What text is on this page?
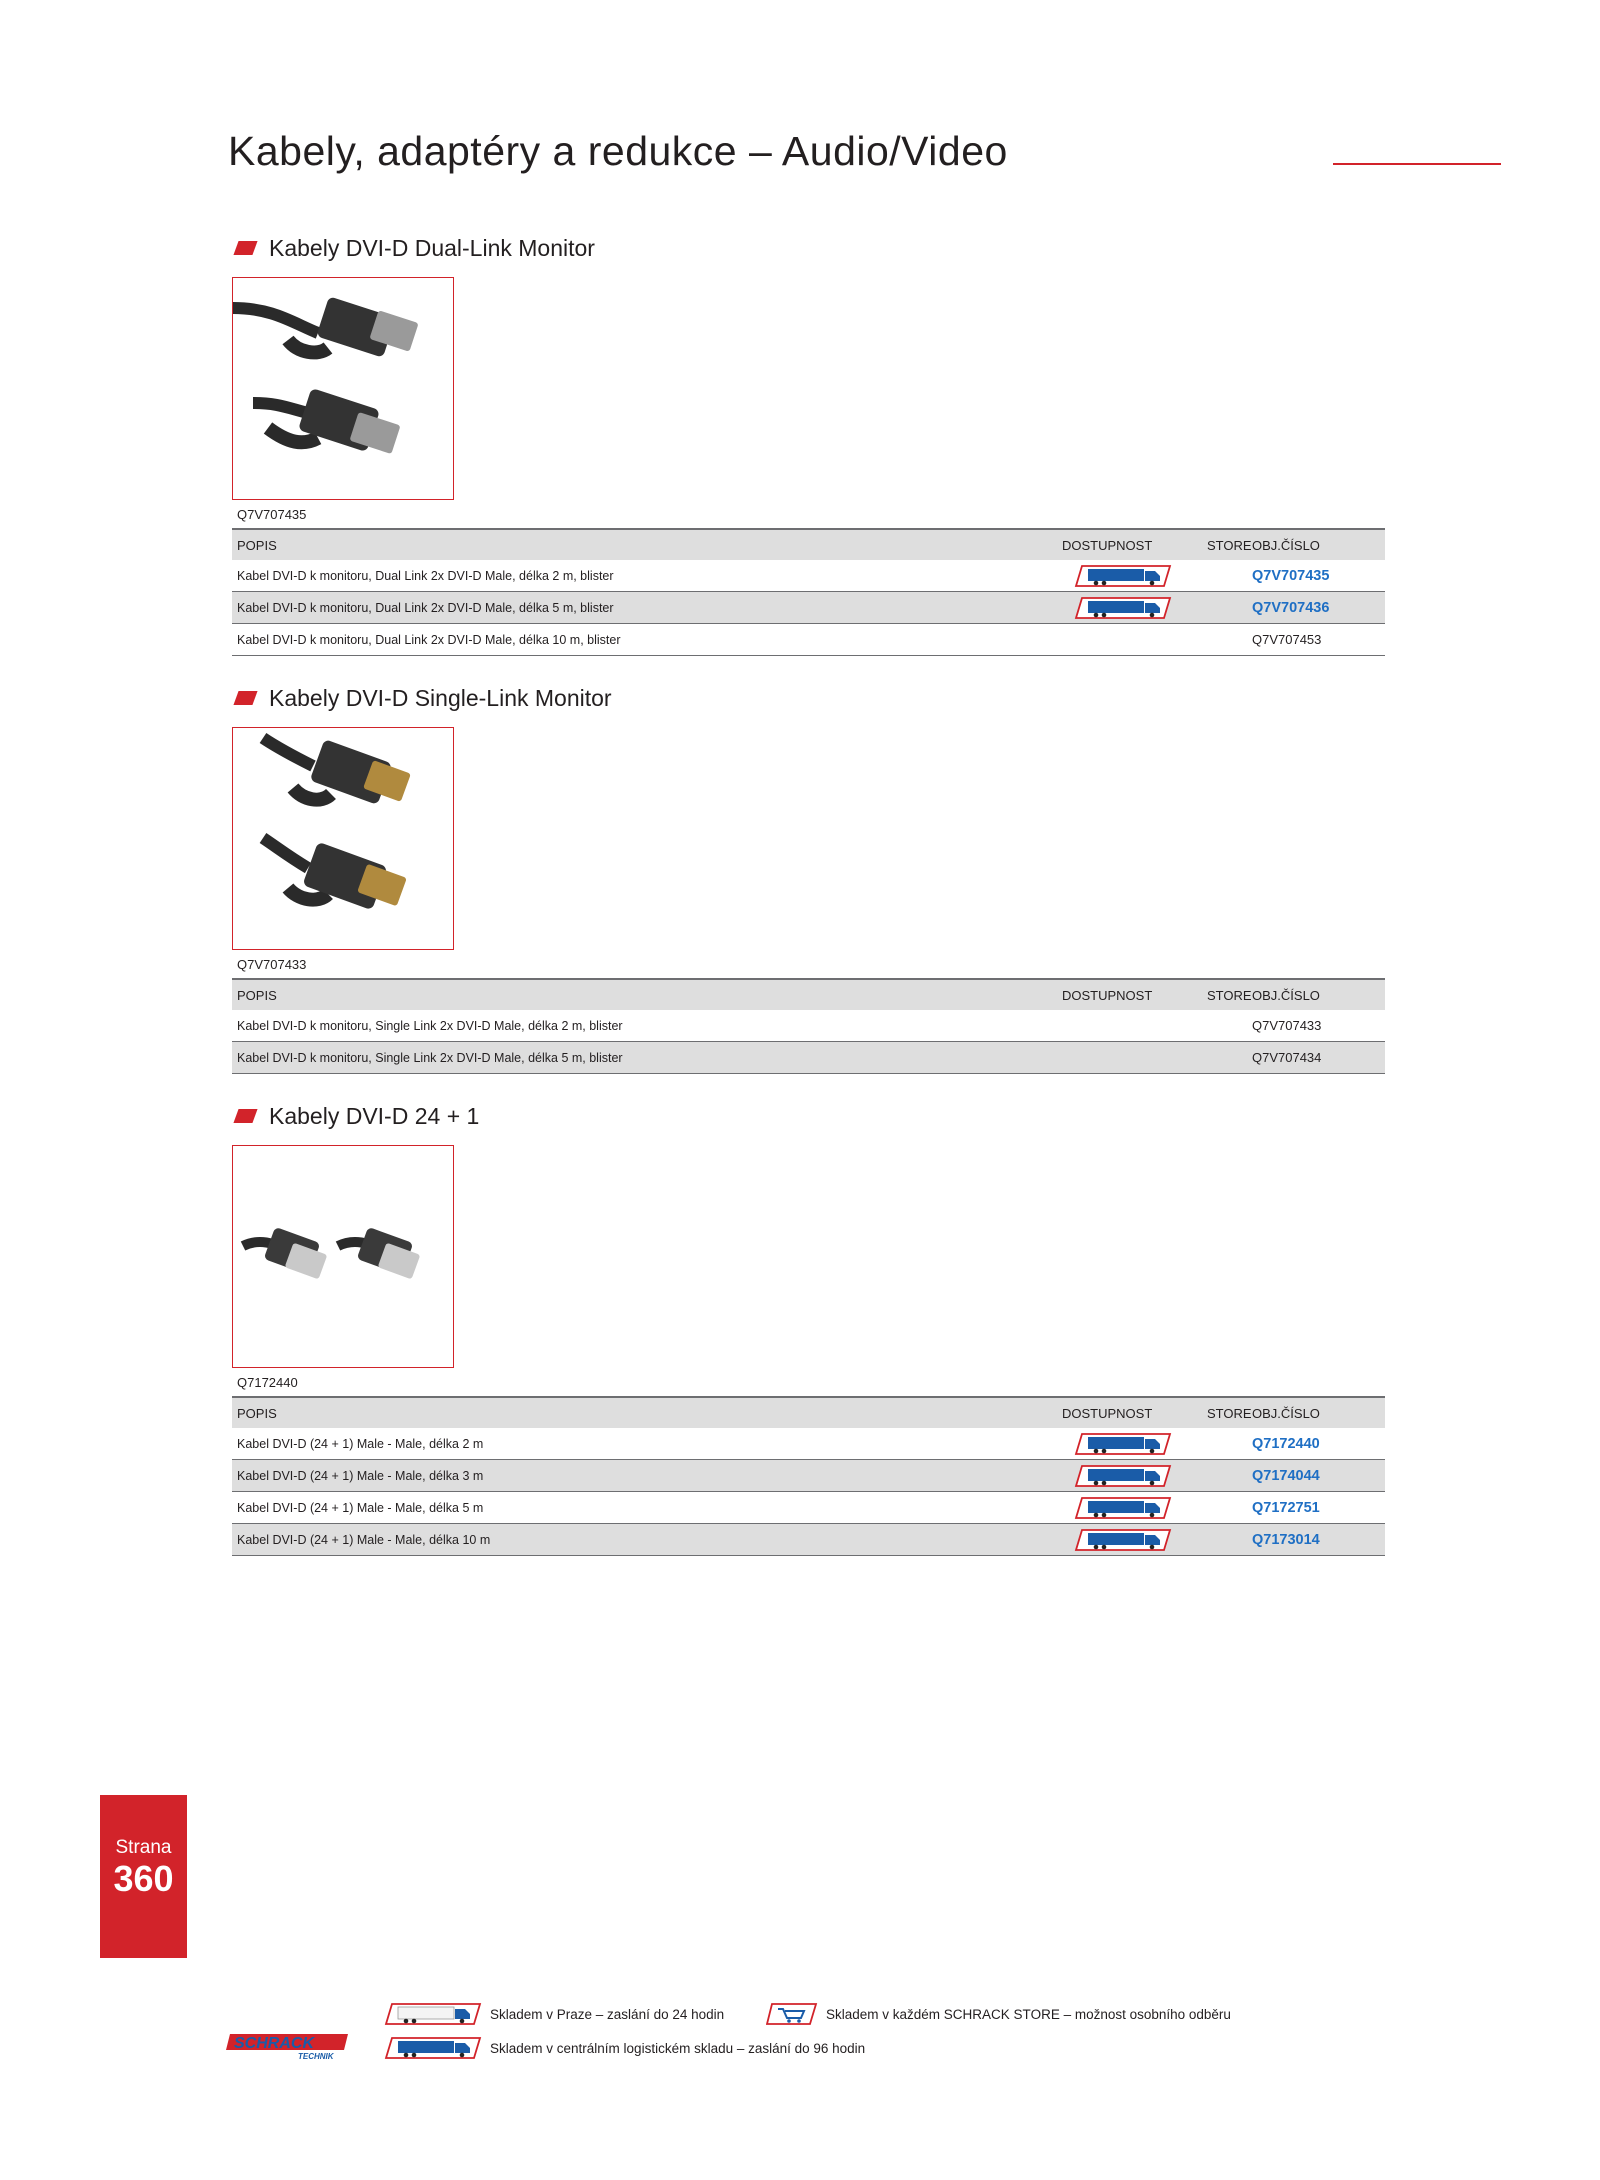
Kabely, adaptéry a redukce – Audio/Video
Kabely DVI-D Dual-Link Monitor
Q7V707435
POPIS	DOSTUPNOST	STORE OBJ.ČÍSLO
Kabel DVI-D k monitoru, Dual Link 2x DVI-D Male, délka 2 m, blister	Q7V707435
Kabel DVI-D k monitoru, Dual Link 2x DVI-D Male, délka 5 m, blister	Q7V707436
Kabel DVI-D k monitoru, Dual Link 2x DVI-D Male, délka 10 m, blister	Q7V707453
Kabely DVI-D Single-Link Monitor
Q7V707433
POPIS	DOSTUPNOST	STORE OBJ.ČÍSLO
Kabel DVI-D k monitoru, Single Link 2x DVI-D Male, délka 2 m, blister	Q7V707433
Kabel DVI-D k monitoru, Single Link 2x DVI-D Male, délka 5 m, blister	Q7V707434
Kabely DVI-D 24 + 1
Q7172440
POPIS	DOSTUPNOST	STORE OBJ.ČÍSLO
Kabel DVI-D (24 + 1) Male - Male, délka 2 m	Q7172440
Kabel DVI-D (24 + 1) Male - Male, délka 3 m	Q7174044
Kabel DVI-D (24 + 1) Male - Male, délka 5 m	Q7172751
Kabel DVI-D (24 + 1) Male - Male, délka 10 m	Q7173014
Strana
360
Skladem v Praze – zaslání do 24 hodin	Skladem v každém SCHRACK STORE – možnost osobního odběru
Skladem v centrálním logistickém skladu – zaslání do 96 hodin
SCHRACK
TECHNIK
